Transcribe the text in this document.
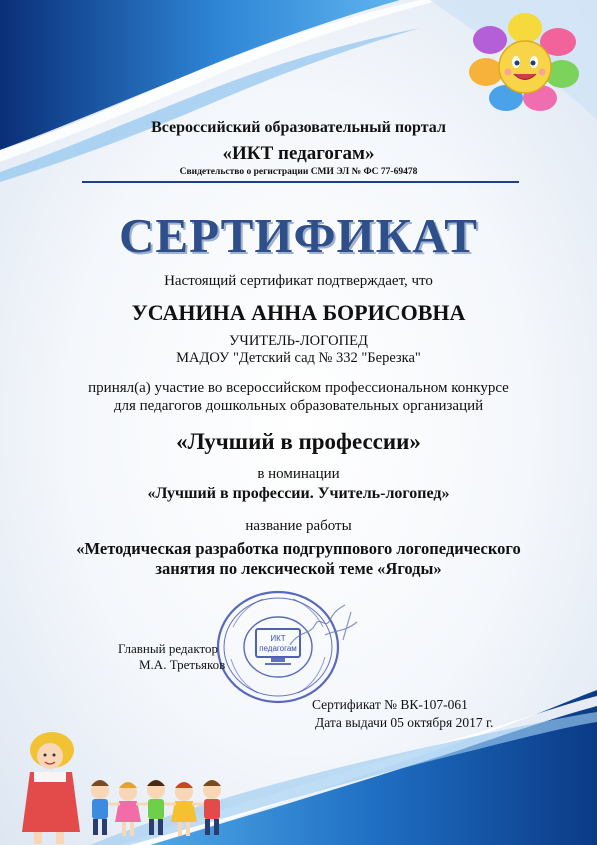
Всероссийский образовательный портал

«ИКТ педагогам»

Свидетельство о регистрации СМИ ЭЛ № ФС 77-69478

СЕРТИФИКАТ

Настоящий сертификат подтверждает, что

УСАНИНА АННА БОРИСОВНА

УЧИТЕЛЬ-ЛОГОПЕД

МАДОУ "Детский сад № 332 "Березка"

принял(а) участие во всероссийском профессиональном конкурсе

для педагогов дошкольных образовательных организаций

«Лучший в профессии»

в номинации

«Лучший в профессии. Учитель-логопед»

название работы

«Методическая разработка подгруппового логопедического

занятия по лексической теме «Ягоды»

ИКТ
педагогам
Главный редактор
М.А. Третьяков
Сертификат № ВК-107-061
Дата выдачи 05 октября 2017 г.
